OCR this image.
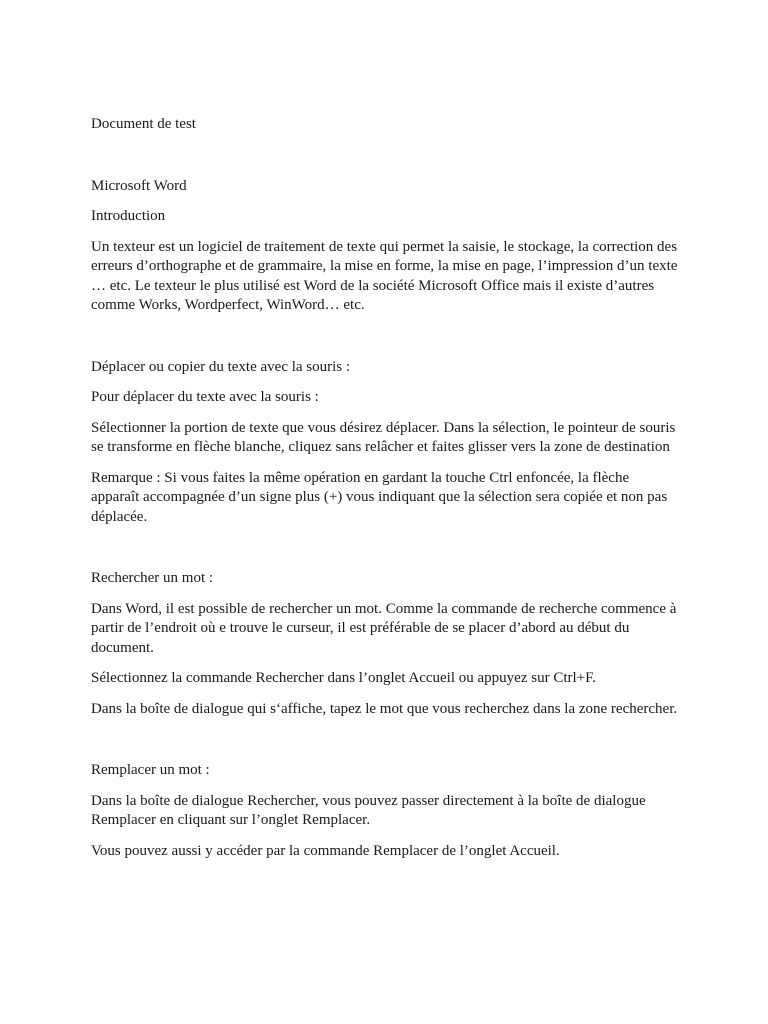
Document de test

Microsoft Word

Introduction

Un texteur est un logiciel de traitement de texte qui permet la saisie, le stockage, la correction des erreurs d’orthographe et de grammaire, la mise en forme, la mise en page, l’impression d’un texte … etc. Le texteur le plus utilisé est Word de la société Microsoft Office mais il existe d’autres comme Works, Wordperfect, WinWord… etc.

Déplacer ou copier du texte avec la souris :

Pour déplacer du texte avec la souris :

Sélectionner la portion de texte que vous désirez déplacer. Dans la sélection, le pointeur de souris se transforme en flèche blanche, cliquez sans relâcher et faites glisser vers la zone de destination

Remarque : Si vous faites la même opération en gardant la touche Ctrl enfoncée, la flèche apparaît accompagnée d’un signe plus (+) vous indiquant que la sélection sera copiée et non pas déplacée.

Rechercher un mot :

Dans Word, il est possible de rechercher un mot. Comme la commande de recherche commence à partir de l’endroit où e trouve le curseur, il est préférable de se placer d’abord au début du document.

Sélectionnez la commande Rechercher dans l’onglet Accueil ou appuyez sur Ctrl+F.

Dans la boîte de dialogue qui s‘affiche, tapez le mot que vous recherchez dans la zone rechercher.

Remplacer un mot :

Dans la boîte de dialogue Rechercher, vous pouvez passer directement à la boîte de dialogue Remplacer en cliquant sur l’onglet Remplacer.

Vous pouvez aussi y accéder par la commande Remplacer de l’onglet Accueil.
